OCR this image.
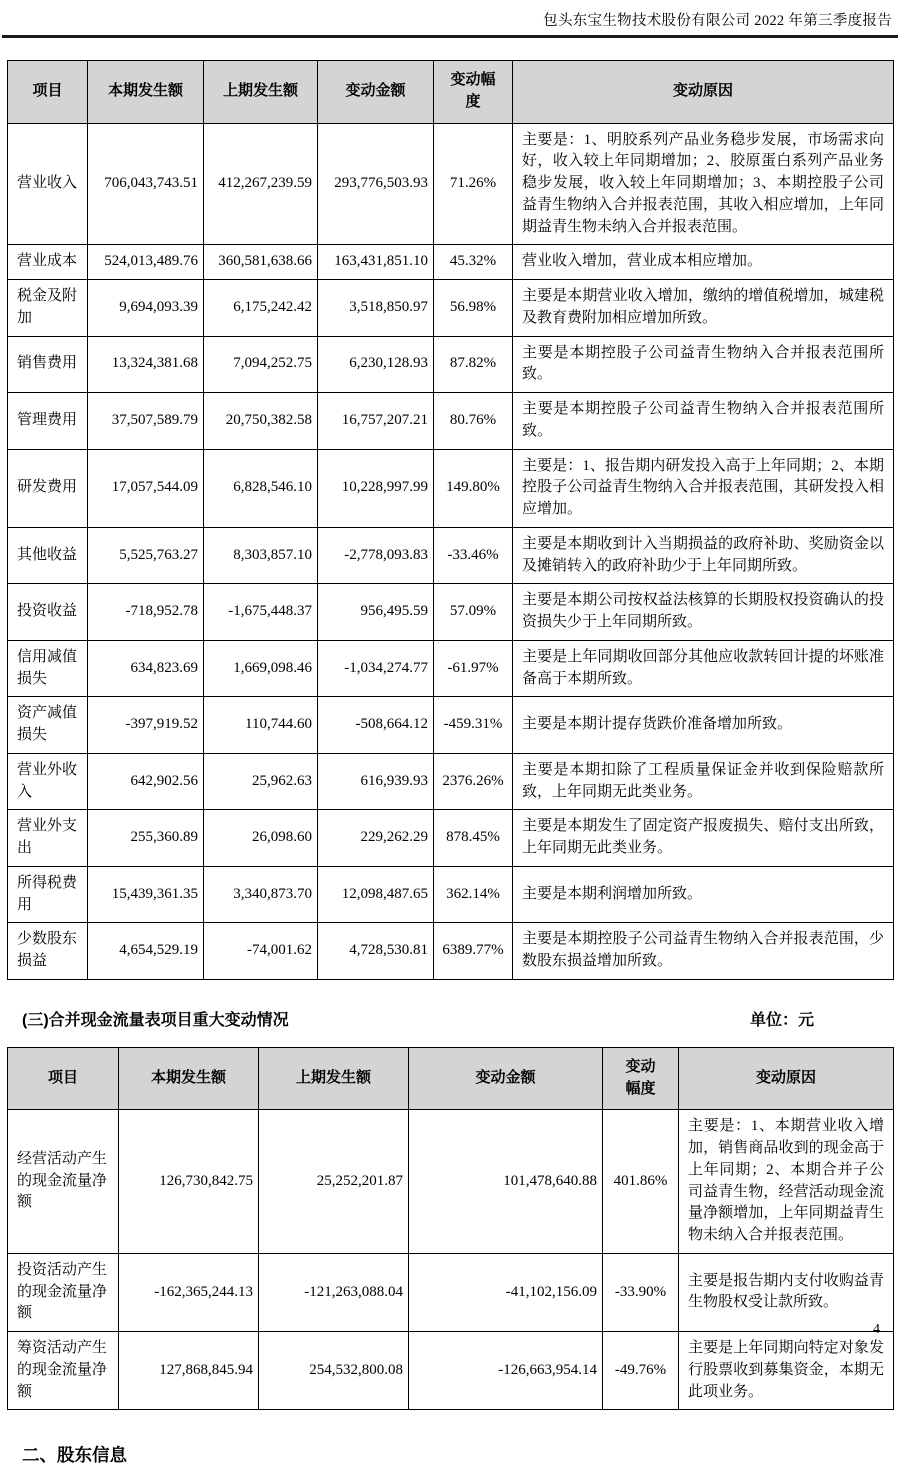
包头东宝生物技术股份有限公司 2022 年第三季度报告
项目	本期发生额	上期发生额	变动金额	变动幅度	变动原因
营业收入	706,043,743.51	412,267,239.59	293,776,503.93	71.26%	主要是：1、明胶系列产品业务稳步发展，市场需求向好，收入较上年同期增加；2、胶原蛋白系列产品业务稳步发展，收入较上年同期增加；3、本期控股子公司益青生物纳入合并报表范围，其收入相应增加，上年同期益青生物未纳入合并报表范围。
营业成本	524,013,489.76	360,581,638.66	163,431,851.10	45.32%	营业收入增加，营业成本相应增加。
税金及附加	9,694,093.39	6,175,242.42	3,518,850.97	56.98%	主要是本期营业收入增加，缴纳的增值税增加，城建税及教育费附加相应增加所致。
销售费用	13,324,381.68	7,094,252.75	6,230,128.93	87.82%	主要是本期控股子公司益青生物纳入合并报表范围所致。
管理费用	37,507,589.79	20,750,382.58	16,757,207.21	80.76%	主要是本期控股子公司益青生物纳入合并报表范围所致。
研发费用	17,057,544.09	6,828,546.10	10,228,997.99	149.80%	主要是：1、报告期内研发投入高于上年同期；2、本期控股子公司益青生物纳入合并报表范围，其研发投入相应增加。
其他收益	5,525,763.27	8,303,857.10	-2,778,093.83	-33.46%	主要是本期收到计入当期损益的政府补助、奖励资金以及摊销转入的政府补助少于上年同期所致。
投资收益	-718,952.78	-1,675,448.37	956,495.59	57.09%	主要是本期公司按权益法核算的长期股权投资确认的投资损失少于上年同期所致。
信用减值损失	634,823.69	1,669,098.46	-1,034,274.77	-61.97%	主要是上年同期收回部分其他应收款转回计提的坏账准备高于本期所致。
资产减值损失	-397,919.52	110,744.60	-508,664.12	-459.31%	主要是本期计提存货跌价准备增加所致。
营业外收入	642,902.56	25,962.63	616,939.93	2376.26%	主要是本期扣除了工程质量保证金并收到保险赔款所致，上年同期无此类业务。
营业外支出	255,360.89	26,098.60	229,262.29	878.45%	主要是本期发生了固定资产报废损失、赔付支出所致，上年同期无此类业务。
所得税费用	15,439,361.35	3,340,873.70	12,098,487.65	362.14%	主要是本期利润增加所致。
少数股东损益	4,654,529.19	-74,001.62	4,728,530.81	6389.77%	主要是本期控股子公司益青生物纳入合并报表范围，少数股东损益增加所致。
(三)合并现金流量表项目重大变动情况	单位：元
项目	本期发生额	上期发生额	变动金额	变动幅度	变动原因
经营活动产生的现金流量净额	126,730,842.75	25,252,201.87	101,478,640.88	401.86%	主要是：1、本期营业收入增加，销售商品收到的现金高于上年同期；2、本期合并子公司益青生物，经营活动现金流量净额增加，上年同期益青生物未纳入合并报表范围。
投资活动产生的现金流量净额	-162,365,244.13	-121,263,088.04	-41,102,156.09	-33.90%	主要是报告期内支付收购益青生物股权受让款所致。
筹资活动产生的现金流量净额	127,868,845.94	254,532,800.08	-126,663,954.14	-49.76%	主要是上年同期向特定对象发行股票收到募集资金，本期无此项业务。
二、股东信息
4
